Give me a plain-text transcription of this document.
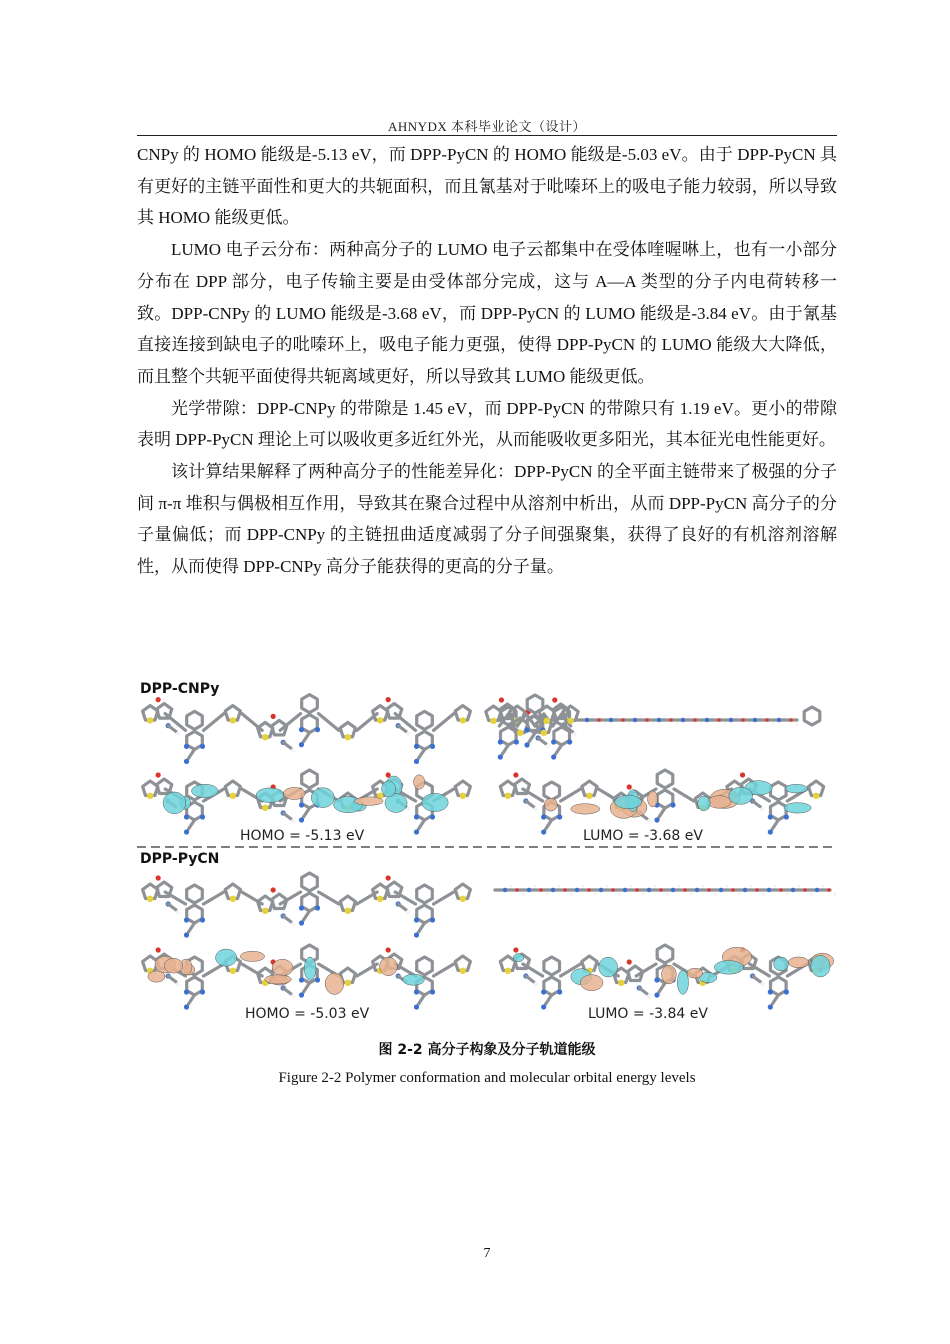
AHNYDX 本科毕业论文（设计）

CNPy 的 HOMO 能级是-5.13 eV，而 DPP-PyCN 的 HOMO 能级是-5.03 eV。由于 DPP-PyCN 具有更好的主链平面性和更大的共轭面积，而且氰基对于吡嗪环上的吸电子能力较弱，所以导致其 HOMO 能级更低。

LUMO 电子云分布：两种高分子的 LUMO 电子云都集中在受体喹喔啉上，也有一小部分分布在 DPP 部分，电子传输主要是由受体部分完成，这与 A—A 类型的分子内电荷转移一致。DPP-CNPy 的 LUMO 能级是-3.68 eV，而 DPP-PyCN 的 LUMO 能级是-3.84 eV。由于氰基直接连接到缺电子的吡嗪环上，吸电子能力更强，使得 DPP-PyCN 的 LUMO 能级大大降低，而且整个共轭平面使得共轭离域更好，所以导致其 LUMO 能级更低。

光学带隙：DPP-CNPy 的带隙是 1.45 eV，而 DPP-PyCN 的带隙只有 1.19 eV。更小的带隙表明 DPP-PyCN 理论上可以吸收更多近红外光，从而能吸收更多阳光，其本征光电性能更好。

该计算结果解释了两种高分子的性能差异化：DPP-PyCN 的全平面主链带来了极强的分子间 π-π 堆积与偶极相互作用，导致其在聚合过程中从溶剂中析出，从而 DPP-PyCN 高分子的分子量偏低；而 DPP-CNPy 的主链扭曲适度减弱了分子间强聚集，获得了良好的有机溶剂溶解性，从而使得 DPP-CNPy 高分子能获得的更高的分子量。

DPP-CNPy
HOMO = -5.13 eV	LUMO = -3.68 eV
DPP-PyCN
HOMO = -5.03 eV	LUMO = -3.84 eV
图 2-2 高分子构象及分子轨道能级
Figure 2-2 Polymer conformation and molecular orbital energy levels
7
